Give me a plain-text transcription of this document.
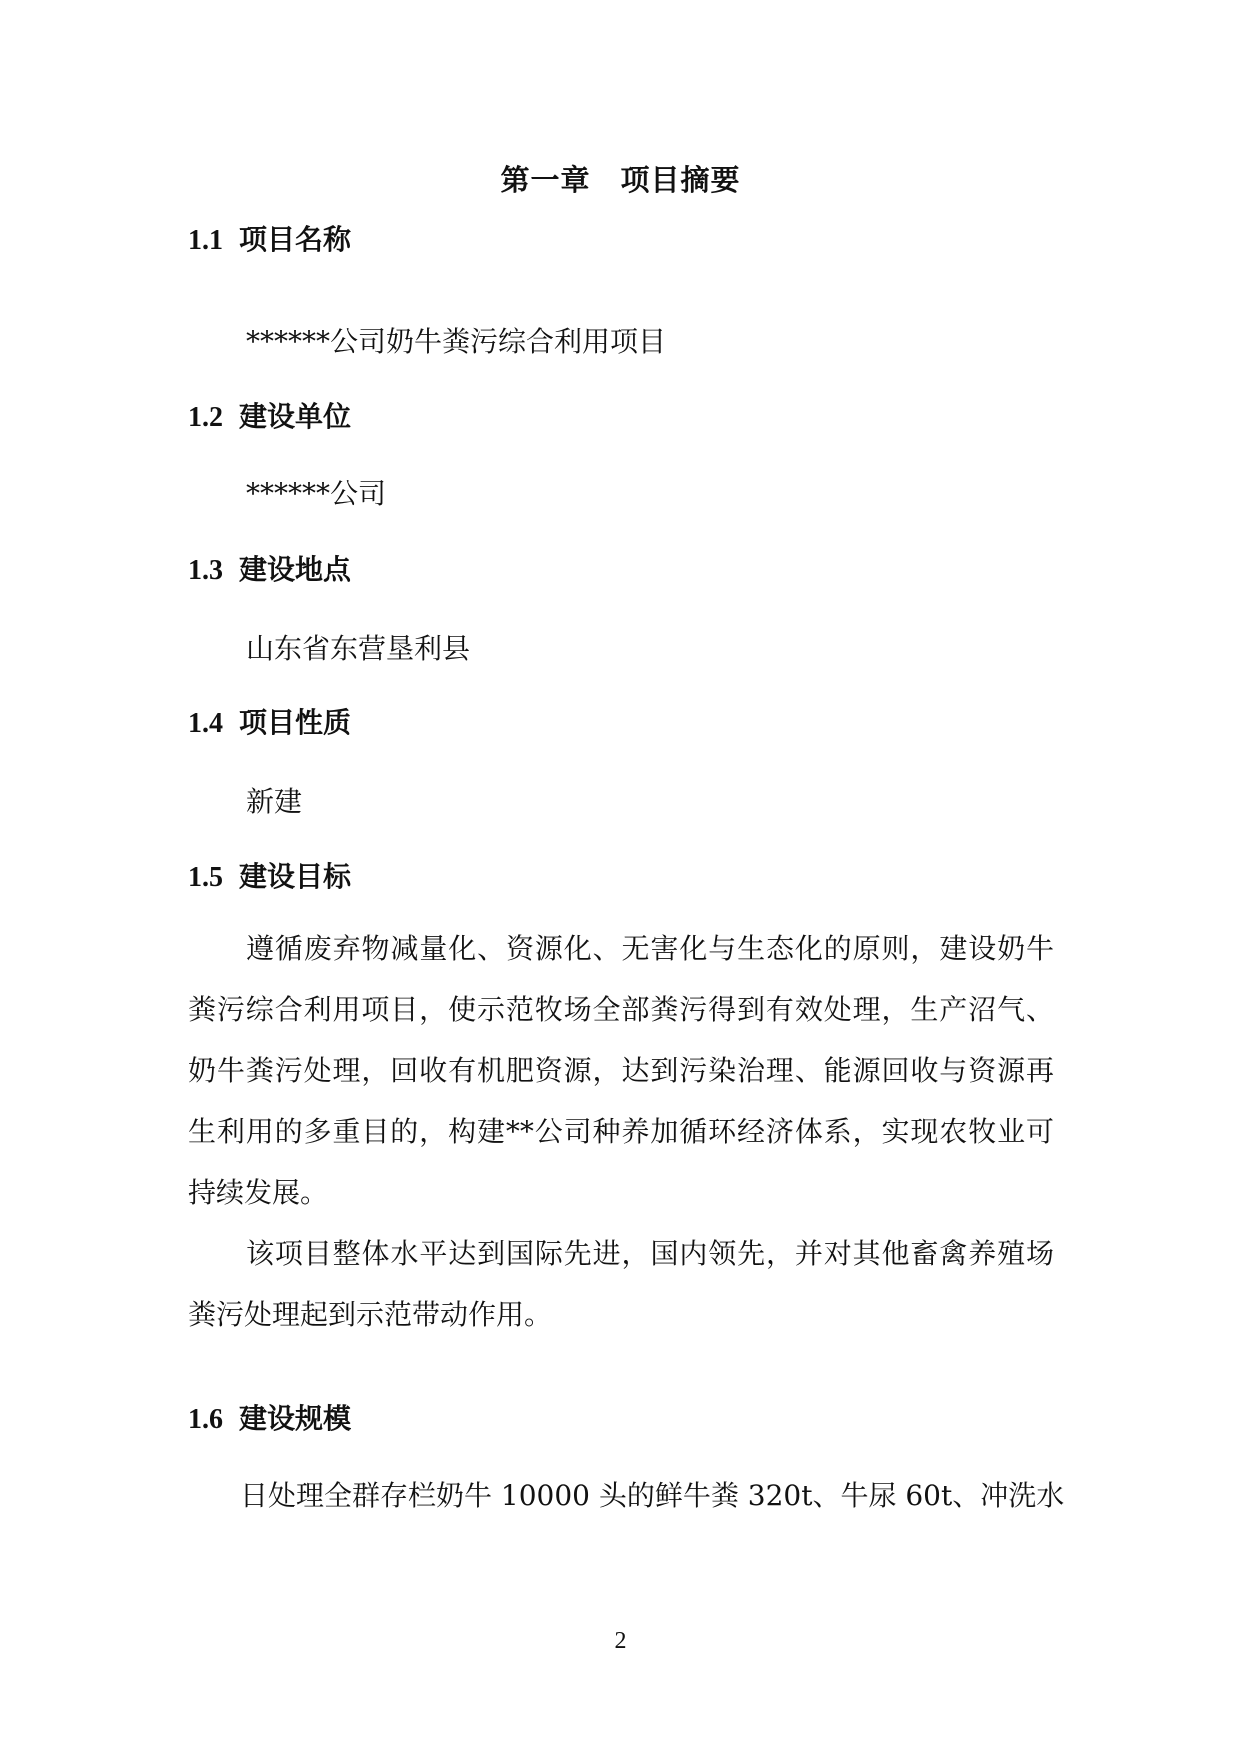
第一章 项目摘要
1.1 项目名称
******公司奶牛粪污综合利用项目
1.2 建设单位
******公司
1.3 建设地点
山东省东营垦利县
1.4 项目性质
新建
1.5 建设目标
遵循废弃物减量化、资源化、无害化与生态化的原则，建设奶牛粪污综合利用项目，使示范牧场全部粪污得到有效处理，生产沼气、奶牛粪污处理，回收有机肥资源，达到污染治理、能源回收与资源再生利用的多重目的，构建**公司种养加循环经济体系，实现农牧业可持续发展。
该项目整体水平达到国际先进，国内领先，并对其他畜禽养殖场粪污处理起到示范带动作用。
1.6 建设规模
日处理全群存栏奶牛 10000 头的鲜牛粪 320t、牛尿 60t、冲洗水
2
